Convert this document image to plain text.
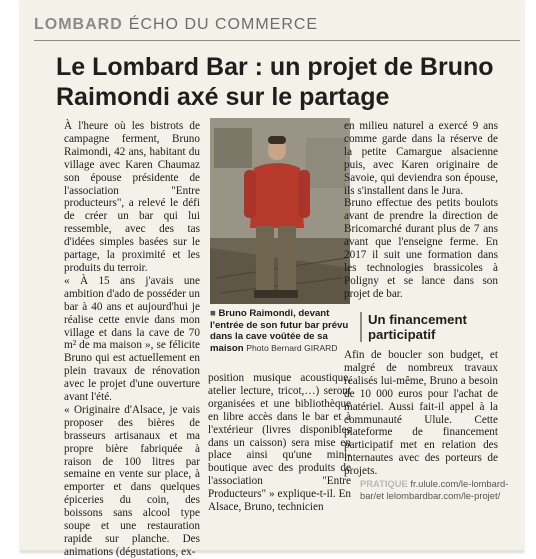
LOMBARD ÉCHO DU COMMERCE
Le Lombard Bar : un projet de Bruno Raimondi axé sur le partage

À l'heure où les bistrots de campagne ferment, Bruno Raimondi, 42 ans, habitant du village avec Karen Chaumaz son épouse présidente de l'association "Entre producteurs", a relevé le défi de créer un bar qui lui ressemble, avec des tas d'idées simples basées sur le partage, la proximité et les produits du terroir.

« À 15 ans j'avais une ambition d'ado de posséder un bar à 40 ans et aujourd'hui je réalise cette envie dans mon village et dans la cave de 70 m² de ma maison », se félicite Bruno qui est actuellement en plein travaux de rénovation avec le projet d'une ouverture avant l'été.

« Originaire d'Alsace, je vais proposer des bières de brasseurs artisanaux et ma propre bière fabriquée à raison de 100 litres par semaine en vente sur place, à emporter et dans quelques épiceries du coin, des boissons sans alcool type soupe et une restauration rapide sur planche. Des animations (dégustations, ex-

■ Bruno Raimondi, devant l'entrée de son futur bar prévu dans la cave voûtée de sa maison Photo Bernard GIRARD

position musique acoustique, atelier lecture, tricot,…) seront organisées et une bibliothèque en libre accès dans le bar et à l'extérieur (livres disponibles dans un caisson) sera mise en place ainsi qu'une mini-boutique avec des produits de l'association "Entre Producteurs" » explique-t-il. En Alsace, Bruno, technicien

en milieu naturel a exercé 9 ans comme garde dans la réserve de la petite Camargue alsacienne puis, avec Karen originaire de Savoie, qui deviendra son épouse, ils s'installent dans le Jura.

Bruno effectue des petits boulots avant de prendre la direction de Bricomarché durant plus de 7 ans avant que l'enseigne ferme. En 2017 il suit une formation dans les technologies brassicoles à Poligny et se lance dans son projet de bar.

Un financement participatif

Afin de boucler son budget, et malgré de nombreux travaux réalisés lui-même, Bruno a besoin de 10 000 euros pour l'achat de matériel. Aussi fait-il appel à la communauté Ulule. Cette plateforme de financement participatif met en relation des internautes avec des porteurs de projets.

PRATIQUE fr.ulule.com/le-lombard-bar/et lelombardbar.com/le-projet/
